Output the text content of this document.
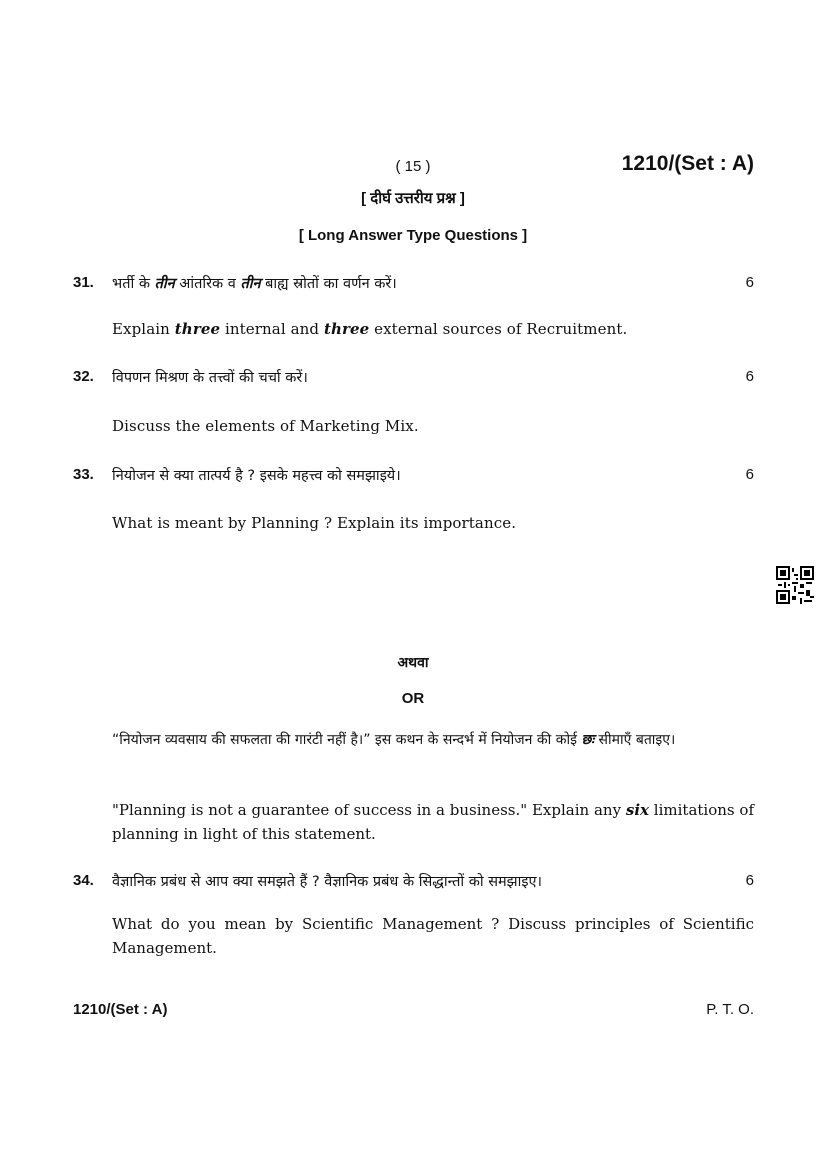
( 15 )	1210/(Set : A)
[ दीर्घ उत्तरीय प्रश्न ]
[ Long Answer Type Questions ]
31. भर्ती के तीन आंतरिक व तीन बाह्य स्रोतों का वर्णन करें।	6
Explain three internal and three external sources of Recruitment.
32. विपणन मिश्रण के तत्त्वों की चर्चा करें।	6
Discuss the elements of Marketing Mix.
33. नियोजन से क्या तात्पर्य है ? इसके महत्त्व को समझाइये।	6
What is meant by Planning ? Explain its importance.
अथवा
OR
“नियोजन व्यवसाय की सफलता की गारंटी नहीं है।” इस कथन के सन्दर्भ में नियोजन की कोई छः सीमाएँ बताइए।
"Planning is not a guarantee of success in a business." Explain any six limitations of planning in light of this statement.
34. वैज्ञानिक प्रबंध से आप क्या समझते हैं ? वैज्ञानिक प्रबंध के सिद्धान्तों को समझाइए।	6
What do you mean by Scientific Management ? Discuss principles of Scientific Management.
1210/(Set : A)	P. T. O.
